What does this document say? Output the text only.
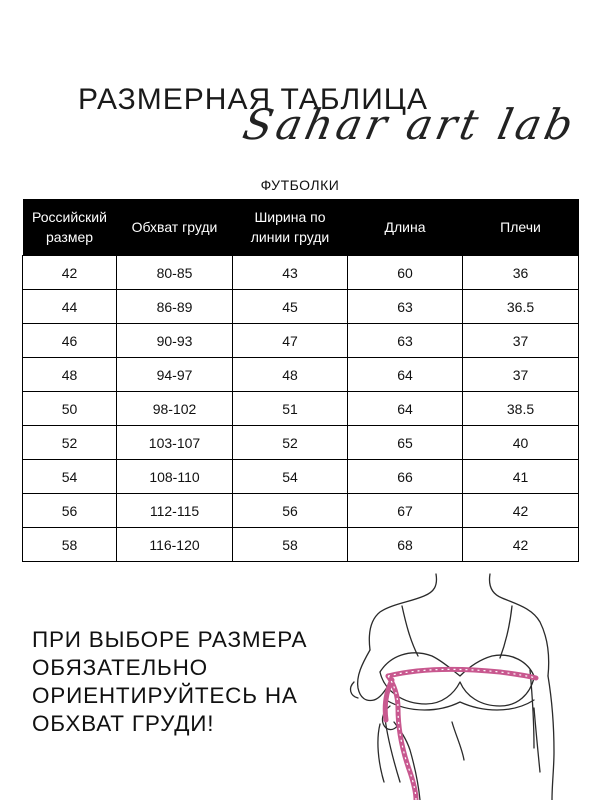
РАЗМЕРНАЯ ТАБЛИЦА
Sahar art lab
ФУТБОЛКИ
Российский размер	Обхват груди	Ширина по линии груди	Длина	Плечи
42	80-85	43	60	36
44	86-89	45	63	36.5
46	90-93	47	63	37
48	94-97	48	64	37
50	98-102	51	64	38.5
52	103-107	52	65	40
54	108-110	54	66	41
56	112-115	56	67	42
58	116-120	58	68	42
ПРИ ВЫБОРЕ РАЗМЕРА
ОБЯЗАТЕЛЬНО
ОРИЕНТИРУЙТЕСЬ НА
ОБХВАТ ГРУДИ!
